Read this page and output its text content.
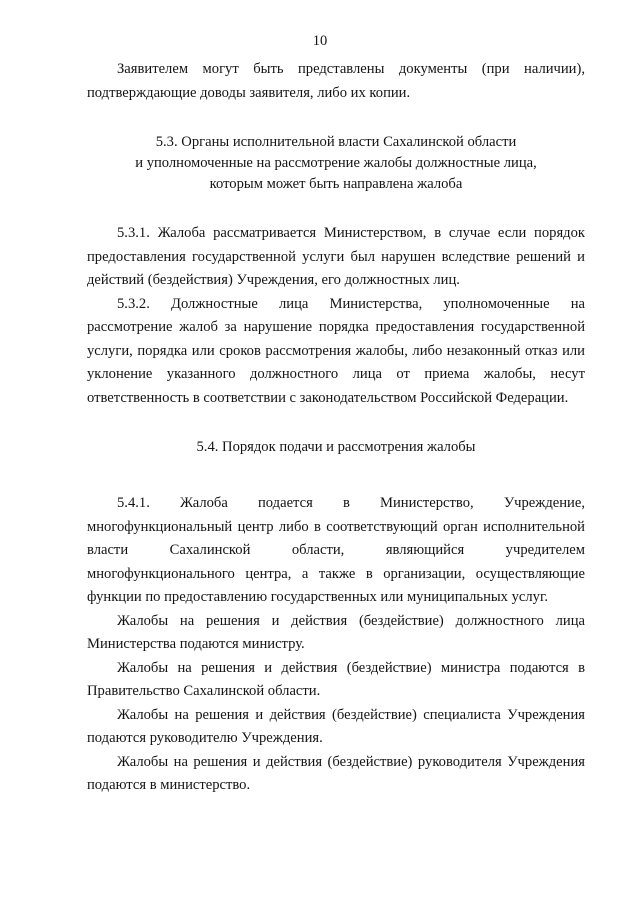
10

Заявителем могут быть представлены документы (при наличии),
подтверждающие доводы заявителя, либо их копии.

5.3. Органы исполнительной власти Сахалинской области
и уполномоченные на рассмотрение жалобы должностные лица,
которым может быть направлена жалоба

5.3.1. Жалоба рассматривается Министерством, в случае если порядок
предоставления государственной услуги был нарушен вследствие решений и
действий (бездействия) Учреждения, его должностных лиц.

5.3.2. Должностные лица Министерства, уполномоченные на
рассмотрение жалоб за нарушение порядка предоставления государственной
услуги, порядка или сроков рассмотрения жалобы, либо незаконный отказ или
уклонение указанного должностного лица от приема жалобы, несут
ответственность в соответствии с законодательством Российской Федерации.

5.4. Порядок подачи и рассмотрения жалобы

5.4.1. Жалоба подается в Министерство, Учреждение,
многофункциональный центр либо в соответствующий орган исполнительной
власти Сахалинской области, являющийся учредителем
многофункционального центра, а также в организации, осуществляющие
функции по предоставлению государственных или муниципальных услуг.

Жалобы на решения и действия (бездействие) должностного лица
Министерства подаются министру.

Жалобы на решения и действия (бездействие) министра подаются в
Правительство Сахалинской области.

Жалобы на решения и действия (бездействие) специалиста Учреждения
подаются руководителю Учреждения.

Жалобы на решения и действия (бездействие) руководителя Учреждения
подаются в министерство.
